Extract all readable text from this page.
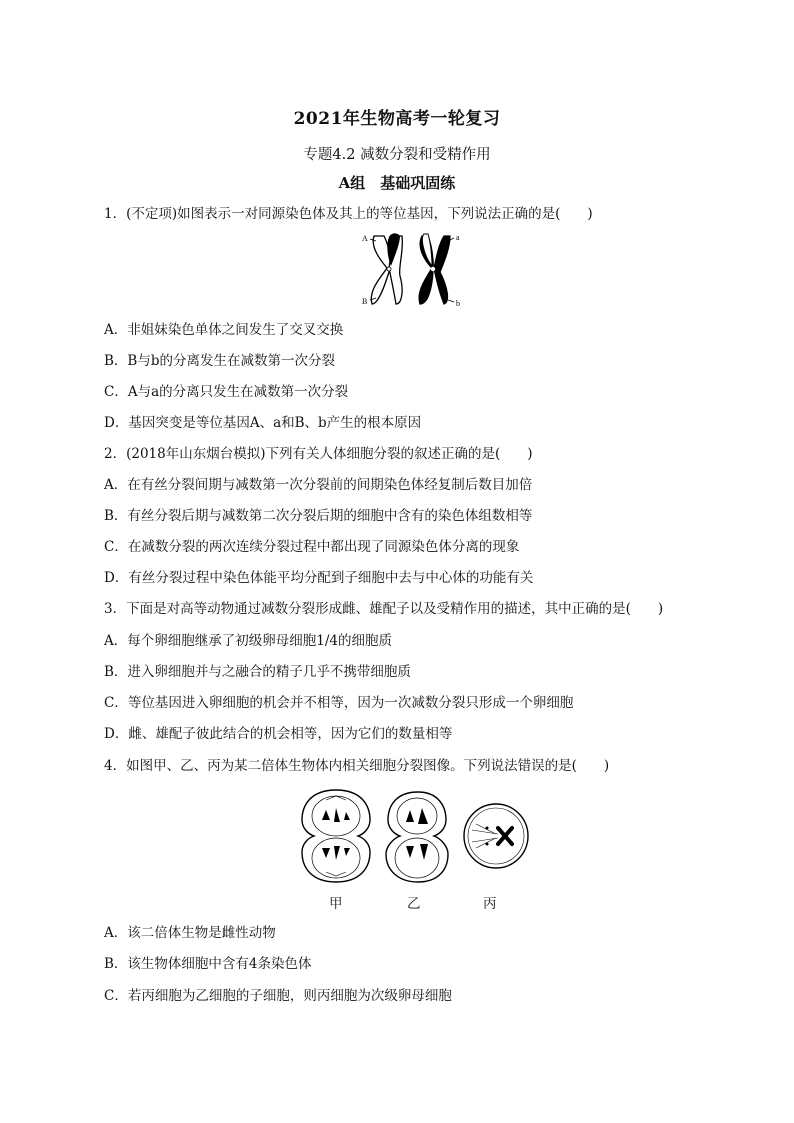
2021年生物高考一轮复习
专题4.2 减数分裂和受精作用
A组　基础巩固练
1．(不定项)如图表示一对同源染色体及其上的等位基因，下列说法正确的是(　　)
A	a
B	b
A．非姐妹染色单体之间发生了交叉交换
B．B与b的分离发生在减数第一次分裂
C．A与a的分离只发生在减数第一次分裂
D．基因突变是等位基因A、a和B、b产生的根本原因
2．(2018年山东烟台模拟)下列有关人体细胞分裂的叙述正确的是(　　)
A．在有丝分裂间期与减数第一次分裂前的间期染色体经复制后数目加倍
B．有丝分裂后期与减数第二次分裂后期的细胞中含有的染色体组数相等
C．在减数分裂的两次连续分裂过程中都出现了同源染色体分离的现象
D．有丝分裂过程中染色体能平均分配到子细胞中去与中心体的功能有关
3．下面是对高等动物通过减数分裂形成雌、雄配子以及受精作用的描述，其中正确的是(　　)
A．每个卵细胞继承了初级卵母细胞1/4的细胞质
B．进入卵细胞并与之融合的精子几乎不携带细胞质
C．等位基因进入卵细胞的机会并不相等，因为一次减数分裂只形成一个卵细胞
D．雌、雄配子彼此结合的机会相等，因为它们的数量相等
4．如图甲、乙、丙为某二倍体生物体内相关细胞分裂图像。下列说法错误的是(　　)
甲	乙	丙
A．该二倍体生物是雌性动物
B．该生物体细胞中含有4条染色体
C．若丙细胞为乙细胞的子细胞，则丙细胞为次级卵母细胞
